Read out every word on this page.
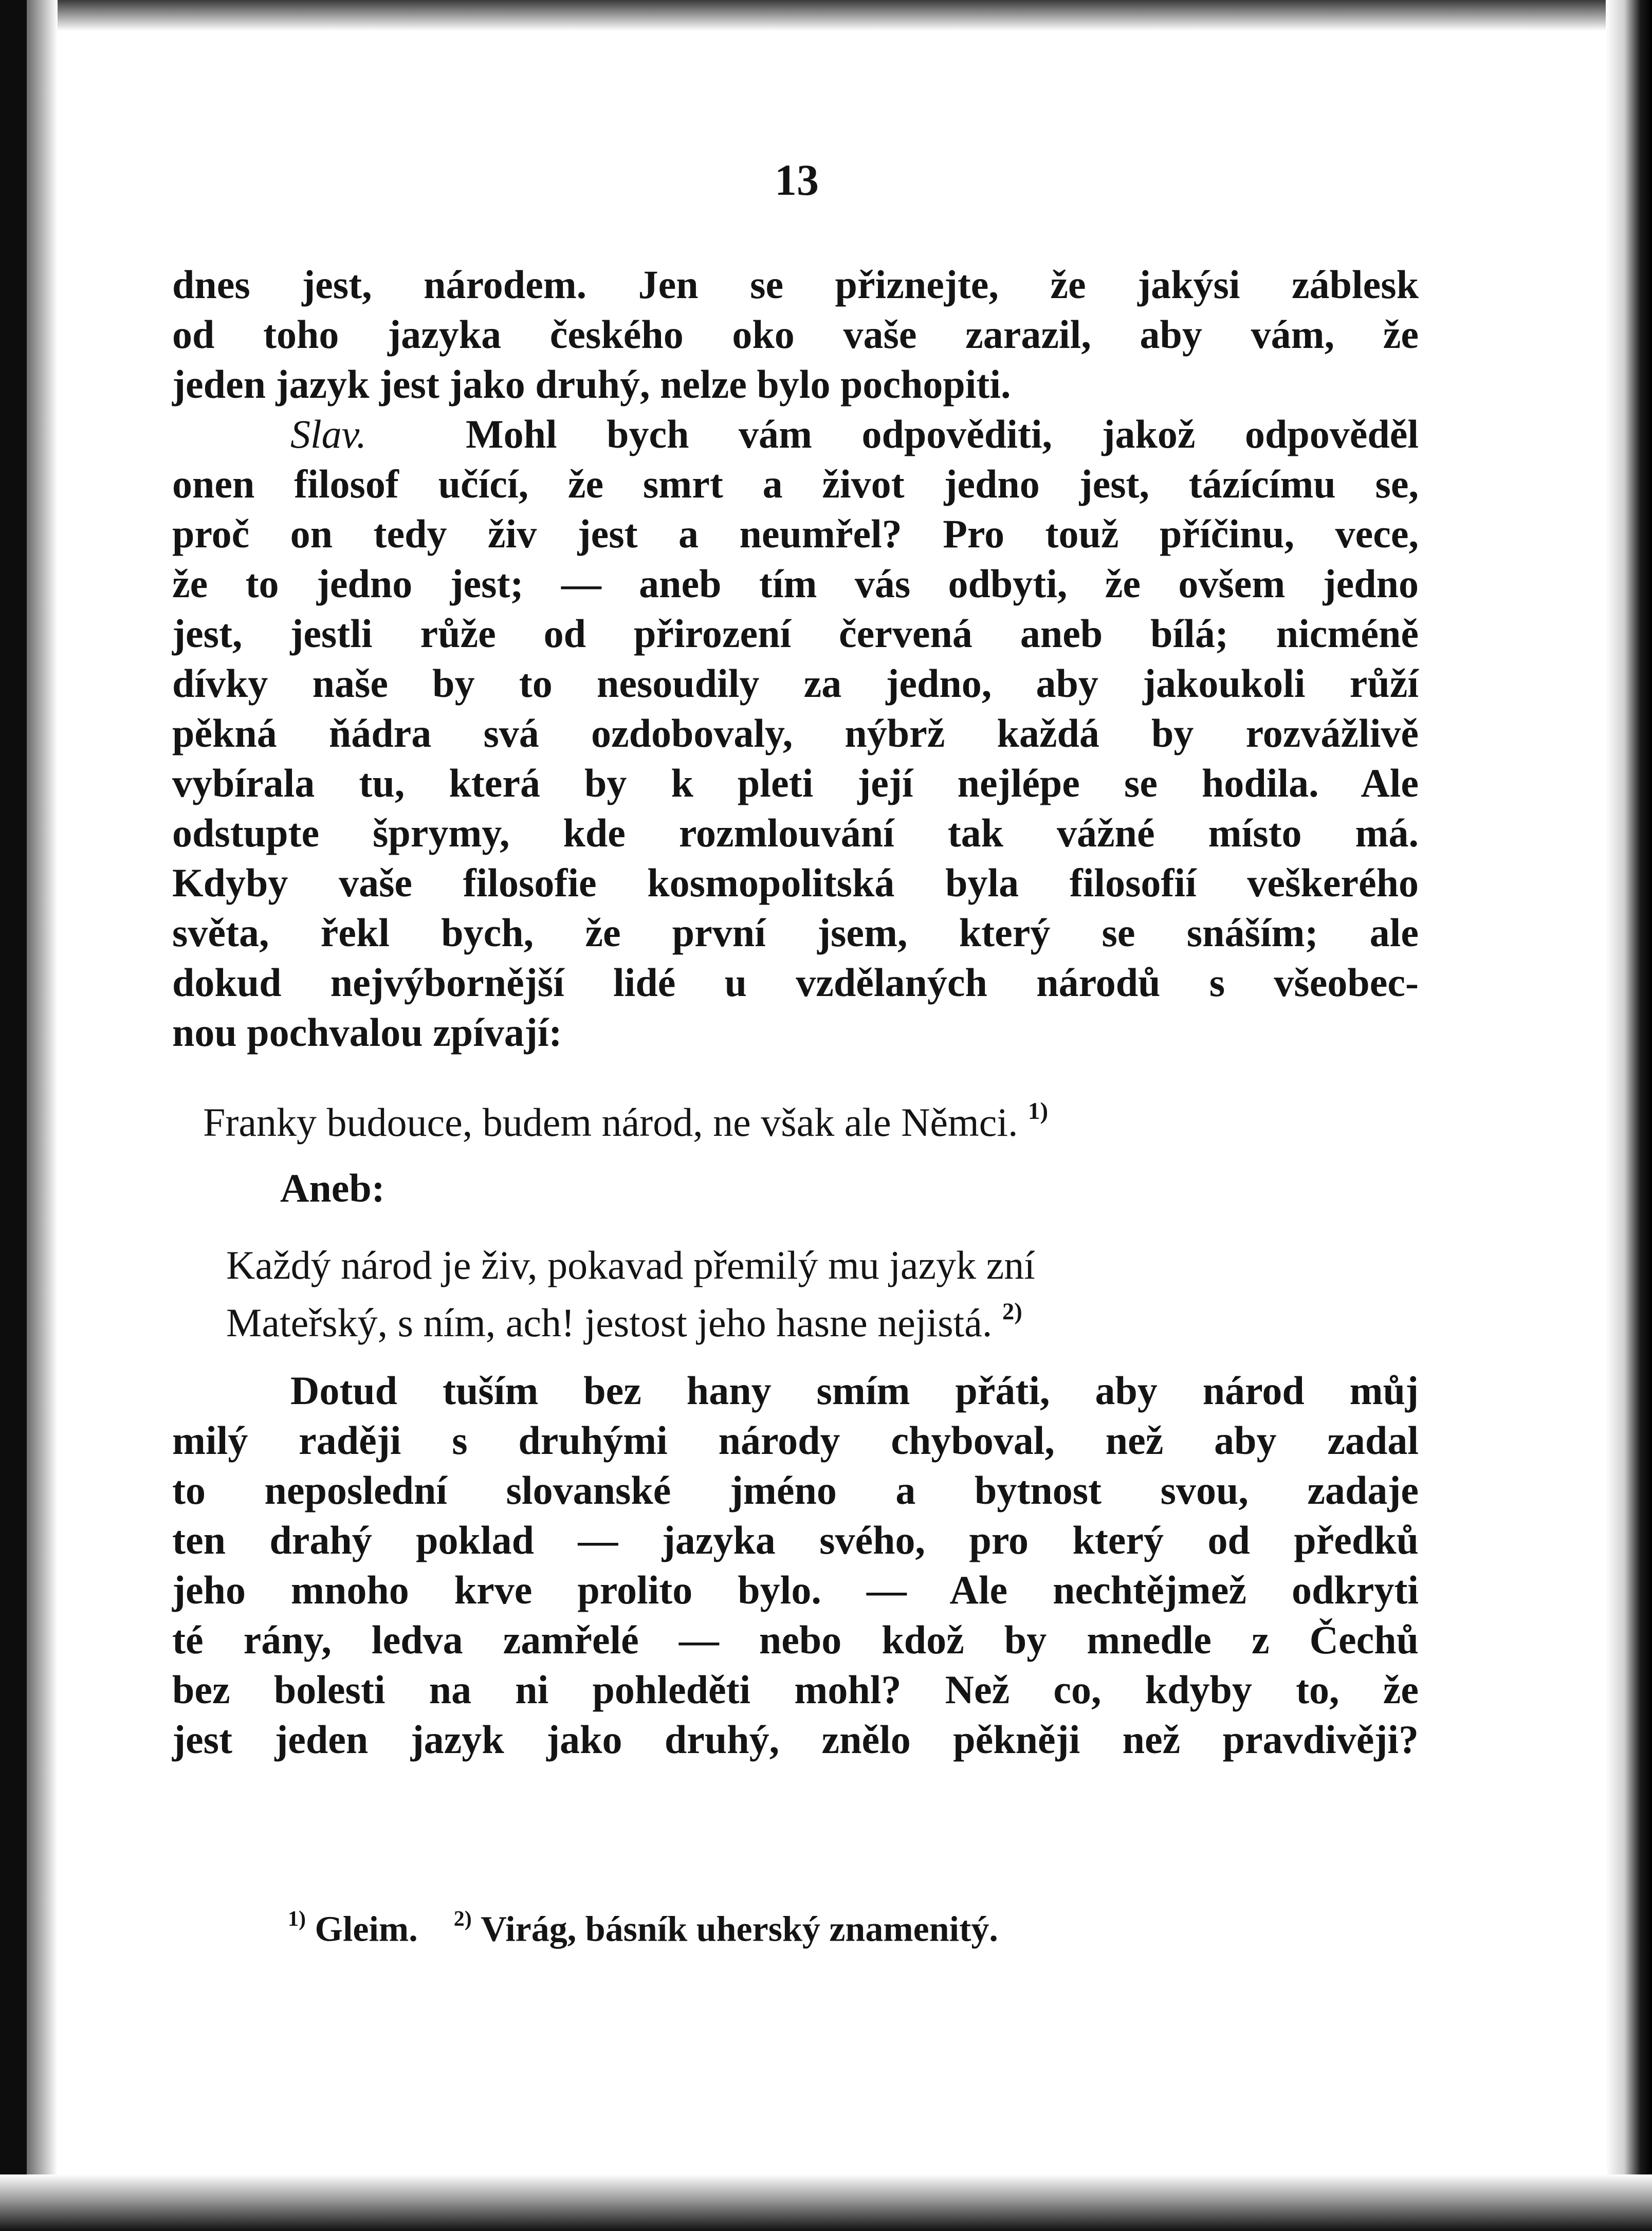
13
dnes jest, národem. Jen se přiznejte, že jakýsi záblesk
od toho jazyka českého oko vaše zarazil, aby vám, že
jeden jazyk jest jako druhý, nelze bylo pochopiti.
Slav. Mohl bych vám odpověditi, jakož odpověděl
onen filosof učící, že smrt a život jedno jest, tázícímu se,
proč on tedy živ jest a neumřel? Pro touž příčinu, vece,
že to jedno jest; — aneb tím vás odbyti, že ovšem jedno
jest, jestli růže od přirození červená aneb bílá; nicméně
dívky naše by to nesoudily za jedno, aby jakoukoli růží
pěkná ňádra svá ozdobovaly, nýbrž každá by rozvážlivě
vybírala tu, která by k pleti její nejlépe se hodila. Ale
odstupte šprymy, kde rozmlouvání tak vážné místo má.
Kdyby vaše filosofie kosmopolitská byla filosofií veškerého
světa, řekl bych, že první jsem, který se snáším; ale
dokud nejvýbornější lidé u vzdělaných národů s všeobec-
nou pochvalou zpívají:
Franky budouce, budem národ, ne však ale Němci. $^{1)}$
Aneb:
Každý národ je živ, pokavad přemilý mu jazyk zní
Mateřský, s ním, ach! jestost jeho hasne nejistá. $^{2)}$
Dotud tuším bez hany smím přáti, aby národ můj
milý raději s druhými národy chyboval, než aby zadal
to neposlední slovanské jméno a bytnost svou, zadaje
ten drahý poklad — jazyka svého, pro který od předků
jeho mnoho krve prolito bylo. — Ale nechtějmež odkryti
té rány, ledva zamřelé — nebo kdož by mnedle z Čechů
bez bolesti na ni pohleděti mohl? Než co, kdyby to, že
jest jeden jazyk jako druhý, znělo pěkněji než pravdivěji?
$^{1)}$ Gleim. $^{2)}$ Virág, básník uherský znamenitý.
